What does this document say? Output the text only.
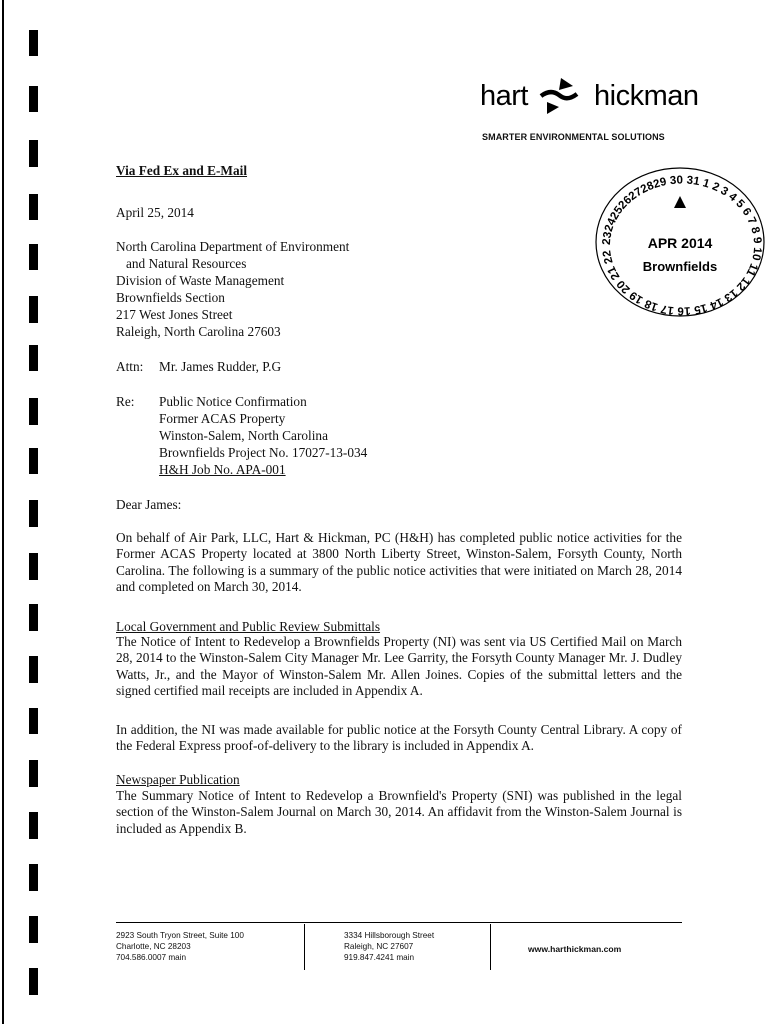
hart hickman
SMARTER ENVIRONMENTAL SOLUTIONS
23242526272829 30 31 1 2 3 4 5 6 7 8 9 10 11 12 13 14 15 16 17 18 19 20 21 22
APR 2014
Brownfields
Via Fed Ex and E-Mail
April 25, 2014
North Carolina Department of Environment
and Natural Resources
Division of Waste Management
Brownfields Section
217 West Jones Street
Raleigh, North Carolina 27603
Attn: Mr. James Rudder, P.G
Re: Public Notice Confirmation
Former ACAS Property
Winston-Salem, North Carolina
Brownfields Project No. 17027-13-034
H&H Job No. APA-001
Dear James:
On behalf of Air Park, LLC, Hart & Hickman, PC (H&H) has completed public notice activities for the Former ACAS Property located at 3800 North Liberty Street, Winston-Salem, Forsyth County, North Carolina. The following is a summary of the public notice activities that were initiated on March 28, 2014 and completed on March 30, 2014.
Local Government and Public Review Submittals
The Notice of Intent to Redevelop a Brownfields Property (NI) was sent via US Certified Mail on March 28, 2014 to the Winston-Salem City Manager Mr. Lee Garrity, the Forsyth County Manager Mr. J. Dudley Watts, Jr., and the Mayor of Winston-Salem Mr. Allen Joines. Copies of the submittal letters and the signed certified mail receipts are included in Appendix A.
In addition, the NI was made available for public notice at the Forsyth County Central Library. A copy of the Federal Express proof-of-delivery to the library is included in Appendix A.
Newspaper Publication
The Summary Notice of Intent to Redevelop a Brownfield's Property (SNI) was published in the legal section of the Winston-Salem Journal on March 30, 2014. An affidavit from the Winston-Salem Journal is included as Appendix B.
2923 South Tryon Street, Suite 100
Charlotte, NC 28203
704.586.0007 main
3334 Hillsborough Street
Raleigh, NC 27607
919.847.4241 main
www.harthickman.com
